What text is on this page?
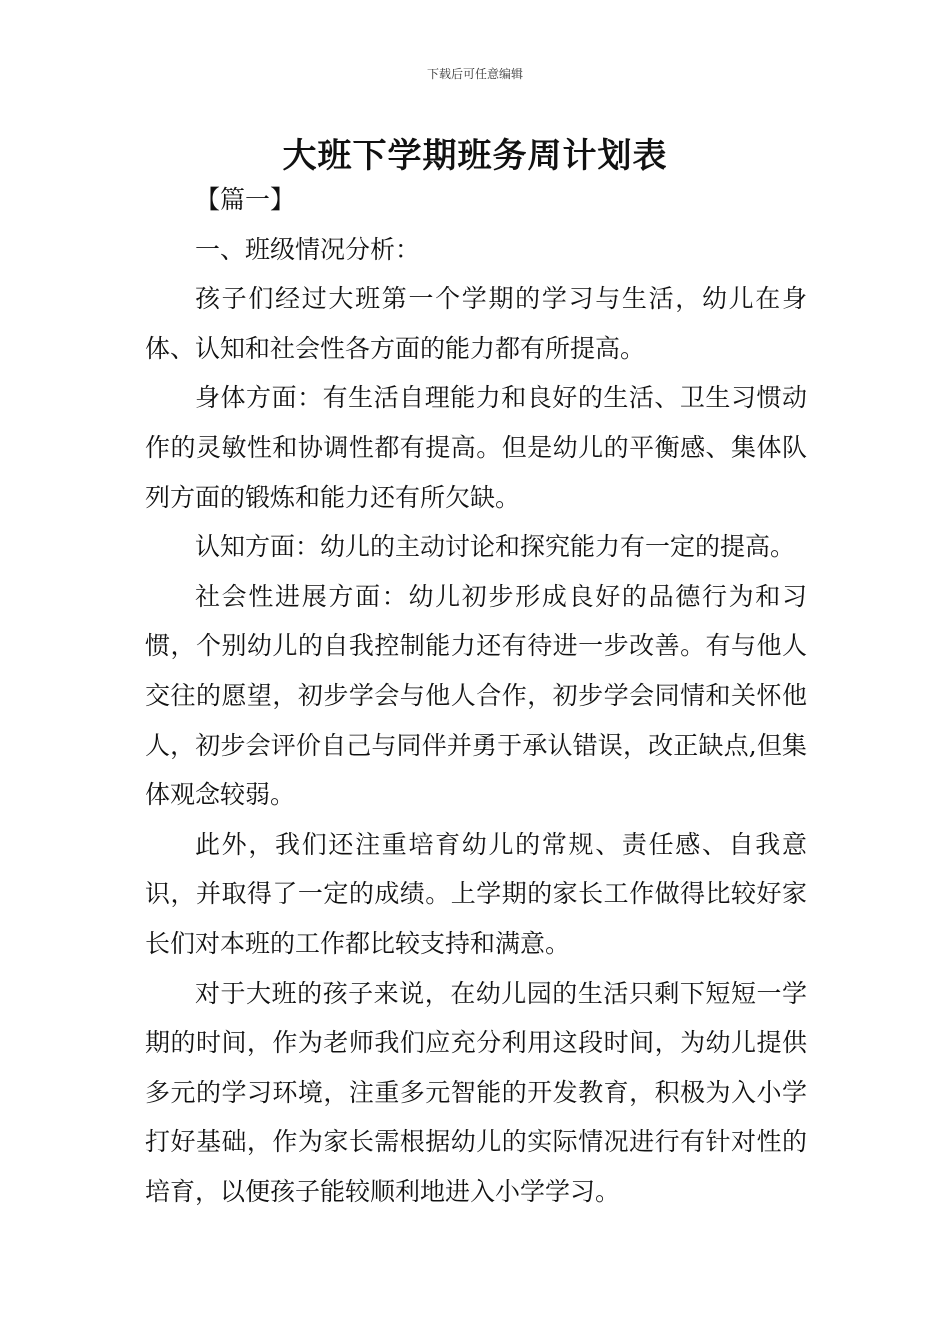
下载后可任意编辑
大班下学期班务周计划表

【篇一】

一、班级情况分析：

孩子们经过大班第一个学期的学习与生活，幼儿在身体、认知和社会性各方面的能力都有所提高。

身体方面：有生活自理能力和良好的生活、卫生习惯动作的灵敏性和协调性都有提高。但是幼儿的平衡感、集体队列方面的锻炼和能力还有所欠缺。

认知方面：幼儿的主动讨论和探究能力有一定的提高。

社会性进展方面：幼儿初步形成良好的品德行为和习惯，个别幼儿的自我控制能力还有待进一步改善。有与他人交往的愿望，初步学会与他人合作，初步学会同情和关怀他人，初步会评价自己与同伴并勇于承认错误，改正缺点,但集体观念较弱。

此外，我们还注重培育幼儿的常规、责任感、自我意识，并取得了一定的成绩。上学期的家长工作做得比较好家长们对本班的工作都比较支持和满意。

对于大班的孩子来说，在幼儿园的生活只剩下短短一学期的时间，作为老师我们应充分利用这段时间，为幼儿提供多元的学习环境，注重多元智能的开发教育，积极为入小学打好基础，作为家长需根据幼儿的实际情况进行有针对性的培育，以便孩子能较顺利地进入小学学习。
